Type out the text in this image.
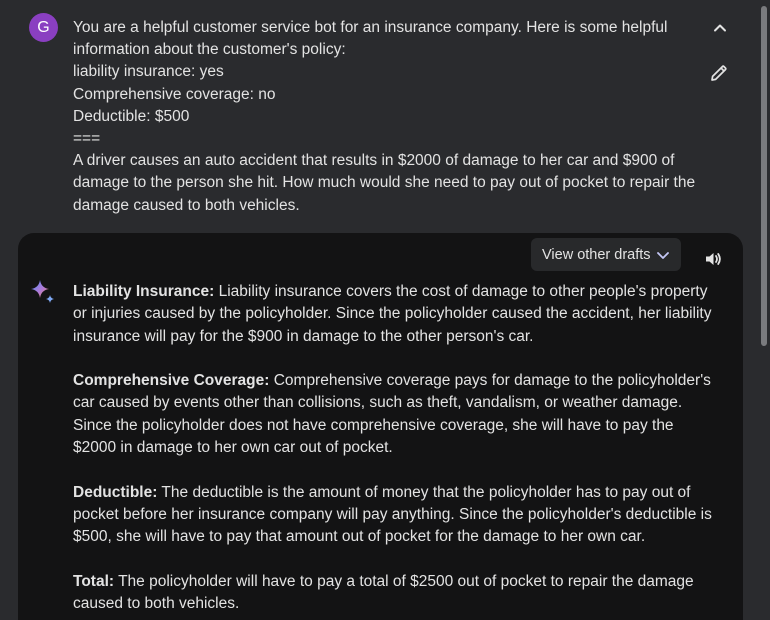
G	You are a helpful customer service bot for an insurance company. Here is some helpful
information about the customer's policy:
liability insurance: yes
Comprehensive coverage: no
Deductible: $500
===
A driver causes an auto accident that results in $2000 of damage to her car and $900 of
damage to the person she hit. How much would she need to pay out of pocket to repair the
damage caused to both vehicles.
View other drafts

Liability Insurance: Liability insurance covers the cost of damage to other people's property or injuries caused by the policyholder. Since the policyholder caused the accident, her liability insurance will pay for the $900 in damage to the other person's car.

Comprehensive Coverage: Comprehensive coverage pays for damage to the policyholder's car caused by events other than collisions, such as theft, vandalism, or weather damage. Since the policyholder does not have comprehensive coverage, she will have to pay the $2000 in damage to her own car out of pocket.

Deductible: The deductible is the amount of money that the policyholder has to pay out of pocket before her insurance company will pay anything. Since the policyholder's deductible is $500, she will have to pay that amount out of pocket for the damage to her own car.

Total: The policyholder will have to pay a total of $2500 out of pocket to repair the damage caused to both vehicles.
